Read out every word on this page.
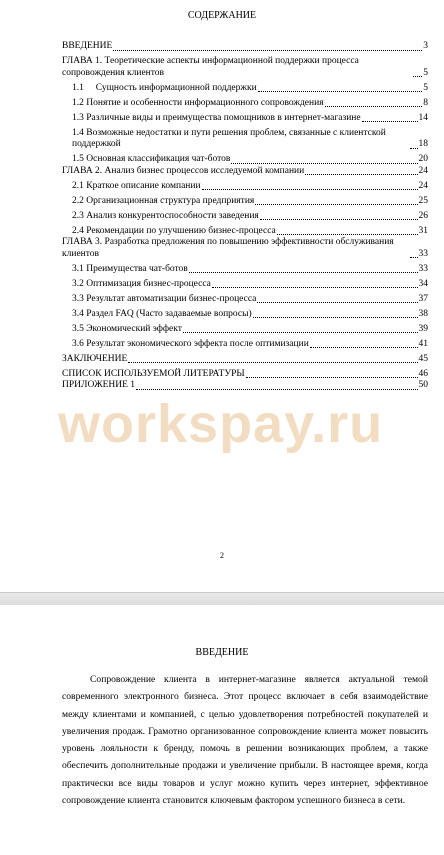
СОДЕРЖАНИЕ
ВВЕДЕНИЕ	3
ГЛАВА 1. Теоретические аспекты информационной поддержки процесса сопровождения клиентов	5
1.1     Сущность информационной поддержки	5
1.2 Понятие и особенности информационного сопровождения	8
1.3 Различные виды и преимущества помощников в интернет-магазине	14
1.4 Возможные недостатки и пути решения проблем, связанные с клиентской поддержкой	18
1.5 Основная классификация чат-ботов	20
ГЛАВА 2. Анализ бизнес процессов исследуемой компании	24
2.1 Краткое описание компании	24
2.2 Организационная структура предприятия	25
2.3 Анализ конкурентоспособности заведения	26
2.4 Рекомендации по улучшению бизнес-процесса	31
ГЛАВА 3. Разработка предложения по повышению эффективности обслуживания клиентов	33
3.1 Преимущества чат-ботов	33
3.2 Оптимизация бизнес-процесса	34
3.3 Результат автоматизации бизнес-процесса	37
3.4 Раздел FAQ (Часто задаваемые вопросы)	38
3.5 Экономический эффект	39
3.6 Результат экономического эффекта после оптимизации	41
ЗАКЛЮЧЕНИЕ	45
СПИСОК ИСПОЛЬЗУЕМОЙ ЛИТЕРАТУРЫ	46
ПРИЛОЖЕНИЕ 1	50
workspay.ru
2
ВВЕДЕНИЕ
Сопровождение клиента в интернет-магазине является актуальной темой современного электронного бизнеса. Этот процесс включает в себя взаимодействие между клиентами и компанией, с целью удовлетворения потребностей покупателей и увеличения продаж. Грамотно организованное сопровождение клиента может повысить уровень лояльности к бренду, помочь в решении возникающих проблем, а также обеспечить дополнительные продажи и увеличение прибыли. В настоящее время, когда практически все виды товаров и услуг можно купить через интернет, эффективное сопровождение клиента становится ключевым фактором успешного бизнеса в сети.
